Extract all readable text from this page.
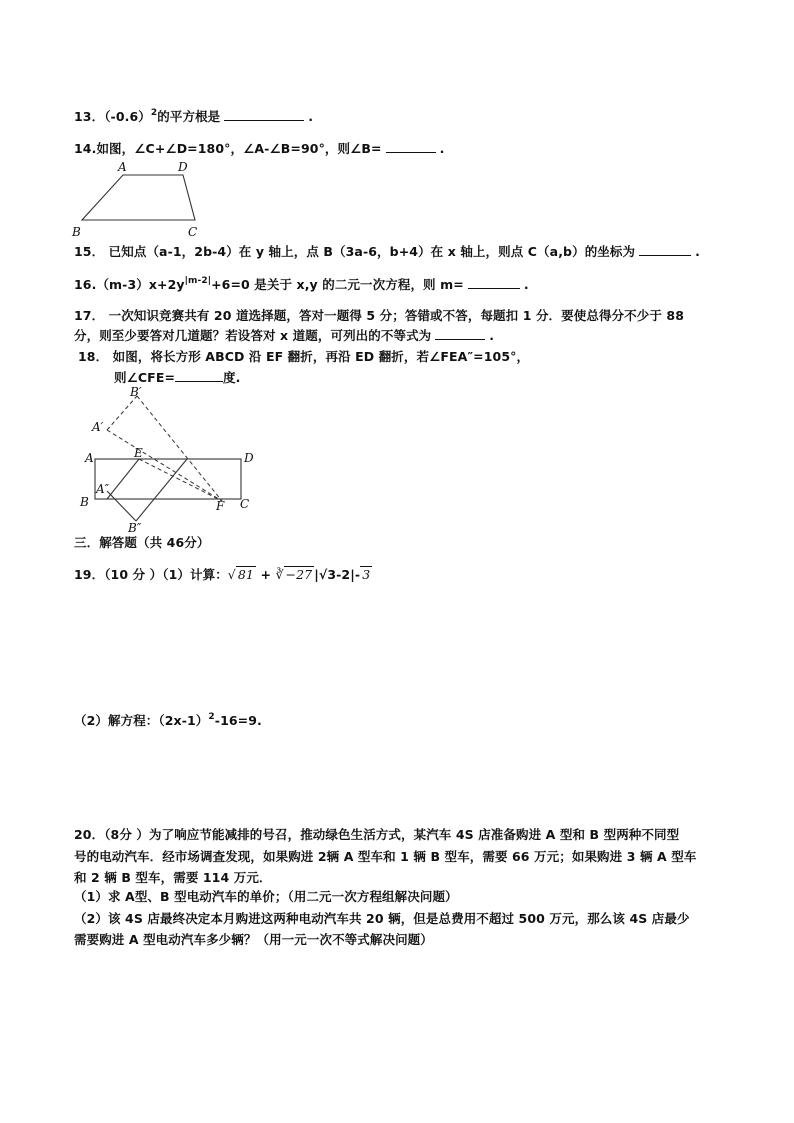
13．$(-0.6)^2$的平方根是	.
14.如图，∠C+∠D=180°，∠A-∠B=90°，则∠B=	.
A	D
B	C
15． 已知点（a-1，2b-4）在 y 轴上，点 B（3a-6，b+4）在 x 轴上，则点 C（a,b）的坐标为	.
$16.(m-3)x+2y^{|m-2|}+6=0$ 是关于 x,y 的二元一次方程，则 m=	.
17． 一次知识竞赛共有 20 道选择题，答对一题得 5 分；答错或不答，每题扣 1 分．要使总得分不少于 88
分，则至少要答对几道题？若设答对 x 道题，可列出的不等式为	.
18． 如图，将长方形 ABCD 沿 EF 翻折，再沿 ED 翻折，若∠FEA″=105°，
则∠CFE=	度.
A	D
B	C
E
F
A′
B′
A″
B″
三．解答题（共 46分）
19．（10 分 ）（1）计算：√ 81 + ∛ −27 |√3-2|- 3
（2）解方程：$(2x-1)^2-16=9$.
20．（8分 ）为了响应节能减排的号召，推动绿色生活方式，某汽车 4S 店准备购进 A 型和 B 型两种不同型
号的电动汽车．经市场调查发现，如果购进 2辆 A 型车和 1 辆 B 型车，需要 66 万元；如果购进 3 辆 A 型车
和 2 辆 B 型车，需要 114 万元．
（1）求 A型、B 型电动汽车的单价；（用二元一次方程组解决问题）
（2）该 4S 店最终决定本月购进这两种电动汽车共 20 辆，但是总费用不超过 500 万元，那么该 4S 店最少
需要购进 A 型电动汽车多少辆？（用一元一次不等式解决问题）
